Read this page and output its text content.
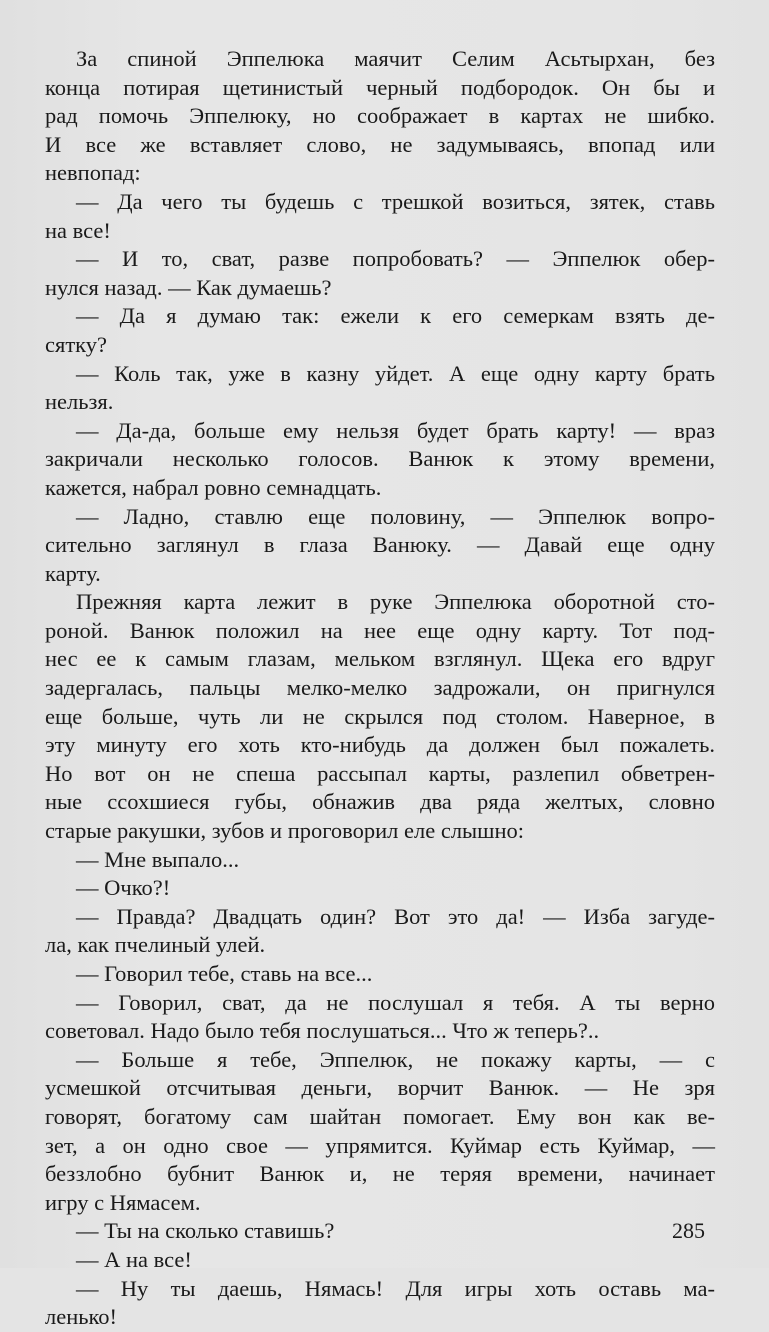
За спиной Эппелюка маячит Селим Асьтырхан, без
конца потирая щетинистый черный подбородок. Он бы и
рад помочь Эппелюку, но соображает в картах не шибко.
И все же вставляет слово, не задумываясь, впопад или
невпопад:

— Да чего ты будешь с трешкой возиться, зятек, ставь
на все!

— И то, сват, разве попробовать? — Эппелюк обер-
нулся назад. — Как думаешь?

— Да я думаю так: ежели к его семеркам взять де-
сятку?

— Коль так, уже в казну уйдет. А еще одну карту брать
нельзя.

— Да-да, больше ему нельзя будет брать карту! — враз
закричали несколько голосов. Ванюк к этому времени,
кажется, набрал ровно семнадцать.

— Ладно, ставлю еще половину, — Эппелюк вопро-
сительно заглянул в глаза Ванюку. — Давай еще одну
карту.

Прежняя карта лежит в руке Эппелюка оборотной сто-
роной. Ванюк положил на нее еще одну карту. Тот под-
нес ее к самым глазам, мельком взглянул. Щека его вдруг
задергалась, пальцы мелко-мелко задрожали, он пригнулся
еще больше, чуть ли не скрылся под столом. Наверное, в
эту минуту его хоть кто-нибудь да должен был пожалеть.
Но вот он не спеша рассыпал карты, разлепил обветрен-
ные ссохшиеся губы, обнажив два ряда желтых, словно
старые ракушки, зубов и проговорил еле слышно:

— Мне выпало...

— Очко?!

— Правда? Двадцать один? Вот это да! — Изба загуде-
ла, как пчелиный улей.

— Говорил тебе, ставь на все...

— Говорил, сват, да не послушал я тебя. А ты верно
советовал. Надо было тебя послушаться... Что ж теперь?..

— Больше я тебе, Эппелюк, не покажу карты, — с
усмешкой отсчитывая деньги, ворчит Ванюк. — Не зря
говорят, богатому сам шайтан помогает. Ему вон как ве-
зет, а он одно свое — упрямится. Куймар есть Куймар, —
беззлобно бубнит Ванюк и, не теряя времени, начинает
игру с Нямасем.

— Ты на сколько ставишь?

— А на все!

— Ну ты даешь, Нямась! Для игры хоть оставь ма-
ленько!

285
